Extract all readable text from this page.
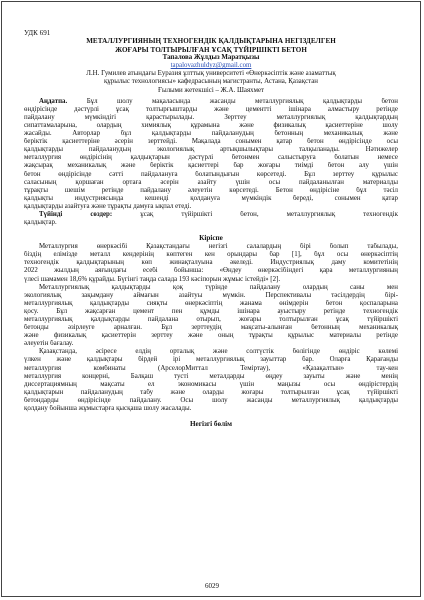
УДК 691
МЕТАЛЛУРГИЯНЫҢ ТЕХНОГЕНДІК ҚАЛДЫҚТАРЫНА НЕГІЗДЕЛГЕН
ЖОҒАРЫ ТОЛТЫРЫЛҒАН ҰСАҚ ТҮЙІРШІКТІ БЕТОН
Тапалова Жұлдыз Маратқызы
tapalovazhuldyz@gmail.com
Л.Н. Гумилев атындағы Еуразия ұлттық университеті «Өнеркәсіптік және азаматтық
құрылыс технологиясы» кафедрасының магистранты, Астана, Қазақстан
Ғылыми жетекшісі – Ж.А. Шаяхмет
Аңдатпа.	Бұл шолу мақаласында жасанды металлургиялық қалдықтарды бетон
өндірісінде дәстүрлі ұсақ толтырғыштарды және цементті ішінара алмастыру ретінде
пайдалану мүмкіндігі қарастырылады. Зерттеу металлургиялық қалдықтардың
сипаттамаларына, олардың химиялық құрамына және физикалық қасиеттеріне шолу
жасайды. Авторлар бұл қалдықтарды пайдаланудың бетонның механикалық және
беріктік қасиеттеріне әсерін зерттейді. Мақалада сонымен қатар бетон өндірісінде осы
қалдықтарды пайдаланудың экологиялық артықшылықтары талқыланады. Нәтижелер
металлургия өндірісінің қалдықтарын дәстүрлі бетонмен салыстыруға болатын немесе
жақсырақ механикалық және беріктік қасиеттері бар жоғары тиімді бетон алу үшін
бетон өндірісінде сәтті пайдалануға болатындығын көрсетеді. Бұл зерттеу құрылыс
саласының қоршаған ортаға әсерін азайту үшін осы пайдаланылған материалды
тұрақты шешім ретінде пайдалану әлеуетін көрсетеді. Бетон өндірісіне бұл тәсіл
қалдықты индустриясында кешенді қолдануға мүмкіндік береді, сонымен қатар
қалдықтарды азайтуға және тұрақты дамуға ықпал етеді.
Түйінді сөздер:	ұсақ түйіршікті бетон, металлургиялық техногендік
қалдықтар.
Кіріспе
Металлургия өнеркәсібі Қазақстандағы негізгі салалардың бірі болып табылады,
біздің елімізде металл кендерінің көптеген кен орындары бар [1], бұл осы өнеркәсіптің
техногендік қалдықтарының көп жинақталуына әкеледі. Индустриялық даму комитетінің
2022 жылдың аяғындағы есебі бойынша: «Өндеу өнеркәсібіндегі қара металлургияның
үлесі шамамен 18,6% құрайды. Бүгінгі таңда салада 193 кәсіпорын жұмыс істейді» [2].
Металлургиялық қалдықтарды қоқ түрінде пайдалану олардың саны мен
экологиялық зақымдану аймағын азайтуы мүмкін. Перспективалы тәсілдердің бірі-
металлургиялық қалдықтарды сияқты өнеркәсіптің жанама өнімдерін бетон қоспаларына
қосу. Бұл жақсарған цемент пен құмды ішінара ауыстыру ретінде техногендік
металлургиялық қалдықтарды пайдалана отырып, жоғары толтырылған ұсақ түйіршікті
бетонды әзірлеуге арналған. Бұл зерттеудің мақсаты-алынған бетонның механикалық
және физикалық қасиеттерін зерттеу және оның тұрақты құрылыс материалы ретінде
әлеуетін бағалау.
Қазақстанда, әсіресе елдің орталық және солтүстік бөлігінде өндіріс көлемі
үлкен және қалдықтары бірдей ірі металлургиялық зауыттар бар. Оларға Қарағанды
металлургия комбинаты (АрселорМиттал Теміртау), «Қазақалтын» тау-кен
металлургия концерні, Балқаш тусті металдарды өңдеу зауыты және менің
диссертациямның мақсаты ел экономикасы үшін маңызы осы өндірістердің
қалдықтарын пайдаланудың табу және оларды жоғары толтырылған ұсақ түйіршікті
бетондарды өндірісінде пайдалану. Осы шолу жасанды металлургиялық қалдықтарды
қолдану бойынша жұмыстарға қысқаша шолу жасалады.
Негізгі бөлім
6029
